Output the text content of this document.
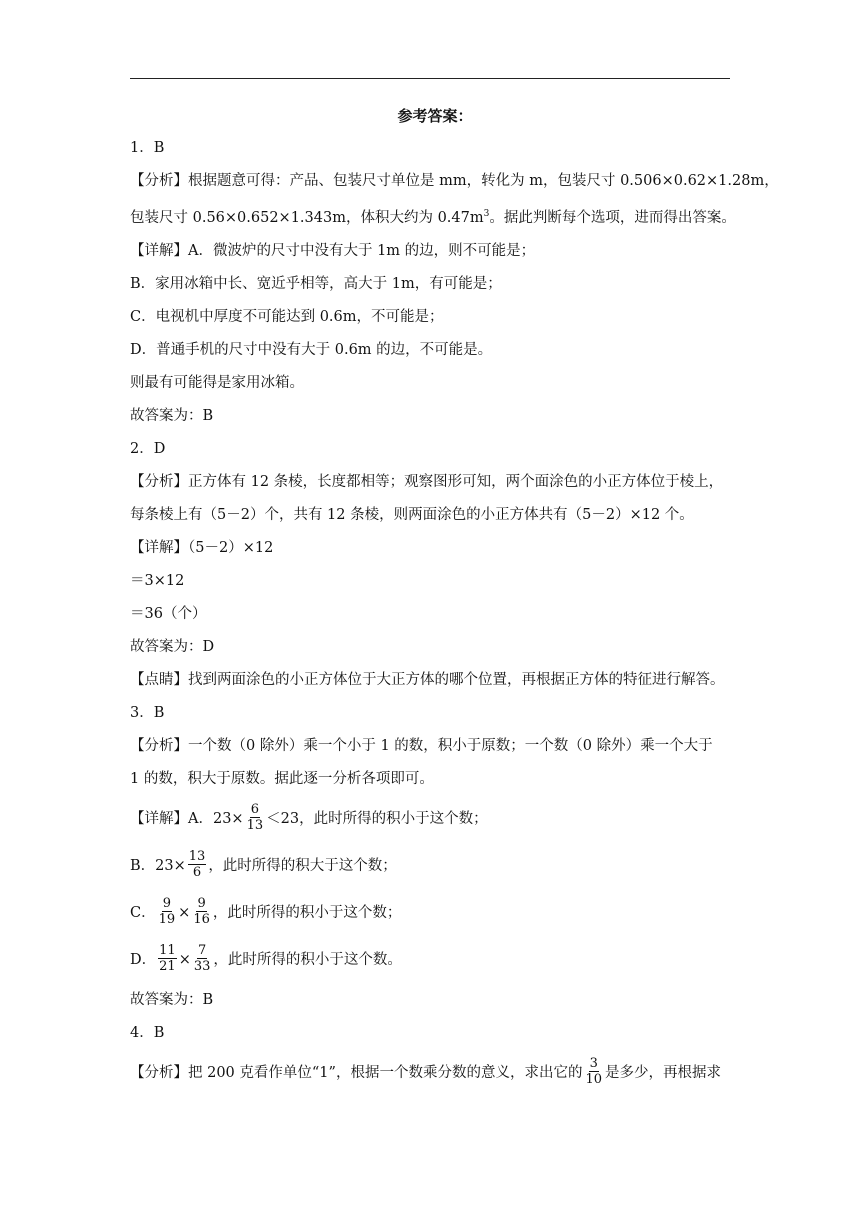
参考答案：

1．B

【分析】根据题意可得：产品、包装尺寸单位是 mm，转化为 m，包装尺寸 0.506×0.62×1.28m，

包装尺寸 0.56×0.652×1.343m，体积大约为 $0.47m^3$。据此判断每个选项，进而得出答案。

【详解】A．微波炉的尺寸中没有大于 1m 的边，则不可能是；

B．家用冰箱中长、宽近乎相等，高大于 1m，有可能是；

C．电视机中厚度不可能达到 0.6m，不可能是；

D．普通手机的尺寸中没有大于 0.6m 的边，不可能是。

则最有可能得是家用冰箱。

故答案为：B

2．D

【分析】正方体有 12 条棱，长度都相等；观察图形可知，两个面涂色的小正方体位于棱上，

每条棱上有（5－2）个，共有 12 条棱，则两面涂色的小正方体共有（5－2）×12 个。

【详解】（5－2）×12

＝3×12

＝36（个）

故答案为：D

【点睛】找到两面涂色的小正方体位于大正方体的哪个位置，再根据正方体的特征进行解答。

3．B

【分析】一个数（0 除外）乘一个小于 1 的数，积小于原数；一个数（0 除外）乘一个大于

1 的数，积大于原数。据此逐一分析各项即可。

【详解】A．$23\times \frac{6}{13} <23$，此时所得的积小于这个数；

B．$23\times \frac{13}{6}$ ，此时所得的积大于这个数；

C． $\frac{9}{19} \times \frac{9}{16}$ ，此时所得的积小于这个数；

D． $\frac{11}{21} \times \frac{7}{33}$ ，此时所得的积小于这个数。

故答案为：B

4．B

【分析】把 200 克看作单位“1”，根据一个数乘分数的意义，求出它的 $\frac{3}{10}$ 是多少，再根据求
